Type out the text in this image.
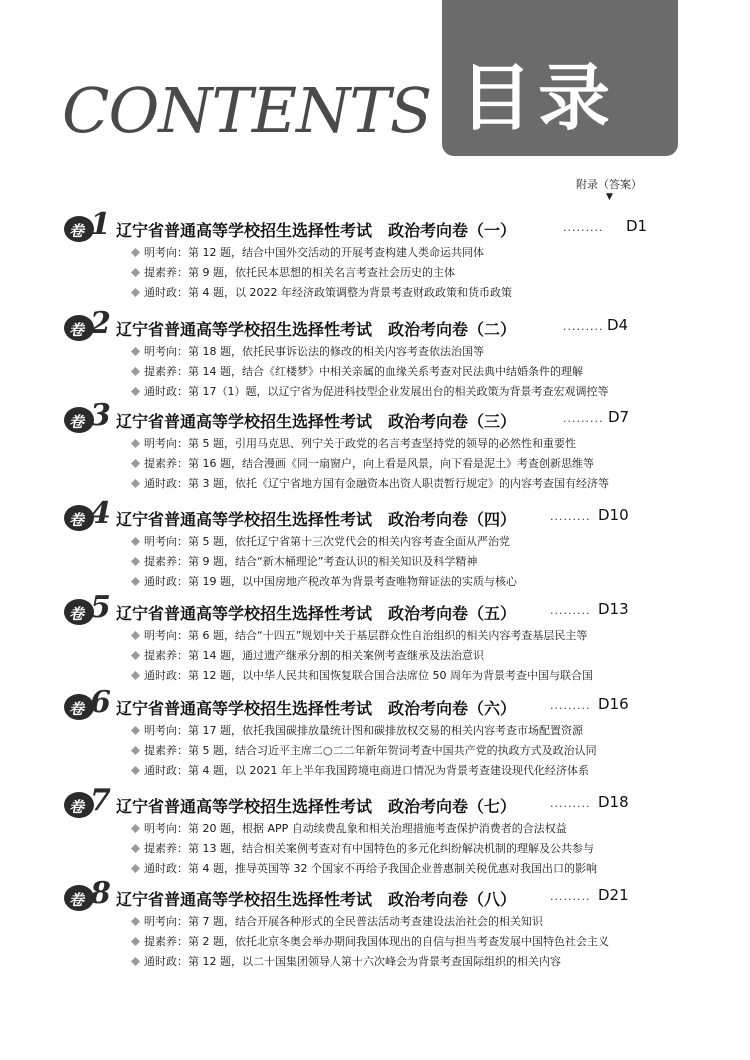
CONTENTS 目录
附录（答案）
▼
卷 1 辽宁省普通高等学校招生选择性考试　政治考向卷（一）	········· D1
明考向：第 12 题，结合中国外交活动的开展考查构建人类命运共同体
提素养：第 9 题，依托民本思想的相关名言考查社会历史的主体
通时政：第 4 题，以 2022 年经济政策调整为背景考查财政政策和货币政策
卷 2 辽宁省普通高等学校招生选择性考试　政治考向卷（二）	········· D4
明考向：第 18 题，依托民事诉讼法的修改的相关内容考查依法治国等
提素养：第 14 题，结合《红楼梦》中相关亲属的血缘关系考查对民法典中结婚条件的理解
通时政：第 17（1）题，以辽宁省为促进科技型企业发展出台的相关政策为背景考查宏观调控等
卷 3 辽宁省普通高等学校招生选择性考试　政治考向卷（三）	········· D7
明考向：第 5 题，引用马克思、列宁关于政党的名言考查坚持党的领导的必然性和重要性
提素养：第 16 题，结合漫画《同一扇窗户，向上看是风景，向下看是泥土》考查创新思维等
通时政：第 3 题，依托《辽宁省地方国有金融资本出资人职责暂行规定》的内容考查国有经济等
卷 4 辽宁省普通高等学校招生选择性考试　政治考向卷（四）	········· D10
明考向：第 5 题，依托辽宁省第十三次党代会的相关内容考查全面从严治党
提素养：第 9 题，结合“新木桶理论”考查认识的相关知识及科学精神
通时政：第 19 题，以中国房地产税改革为背景考查唯物辩证法的实质与核心
卷 5 辽宁省普通高等学校招生选择性考试　政治考向卷（五）	········· D13
明考向：第 6 题，结合“十四五”规划中关于基层群众性自治组织的相关内容考查基层民主等
提素养：第 14 题，通过遗产继承分割的相关案例考查继承及法治意识
通时政：第 12 题，以中华人民共和国恢复联合国合法席位 50 周年为背景考查中国与联合国
卷 6 辽宁省普通高等学校招生选择性考试　政治考向卷（六）	········· D16
明考向：第 17 题，依托我国碳排放量统计图和碳排放权交易的相关内容考查市场配置资源
提素养：第 5 题，结合习近平主席二○二二年新年贺词考查中国共产党的执政方式及政治认同
通时政：第 4 题，以 2021 年上半年我国跨境电商进口情况为背景考查建设现代化经济体系
卷 7 辽宁省普通高等学校招生选择性考试　政治考向卷（七）	········· D18
明考向：第 20 题，根据 APP 自动续费乱象和相关治理措施考查保护消费者的合法权益
提素养：第 13 题，结合相关案例考查对有中国特色的多元化纠纷解决机制的理解及公共参与
通时政：第 4 题，推导英国等 32 个国家不再给予我国企业普惠制关税优惠对我国出口的影响
卷 8 辽宁省普通高等学校招生选择性考试　政治考向卷（八）	········· D21
明考向：第 7 题，结合开展各种形式的全民普法活动考查建设法治社会的相关知识
提素养：第 2 题，依托北京冬奥会举办期间我国体现出的自信与担当考查发展中国特色社会主义
通时政：第 12 题，以二十国集团领导人第十六次峰会为背景考查国际组织的相关内容
